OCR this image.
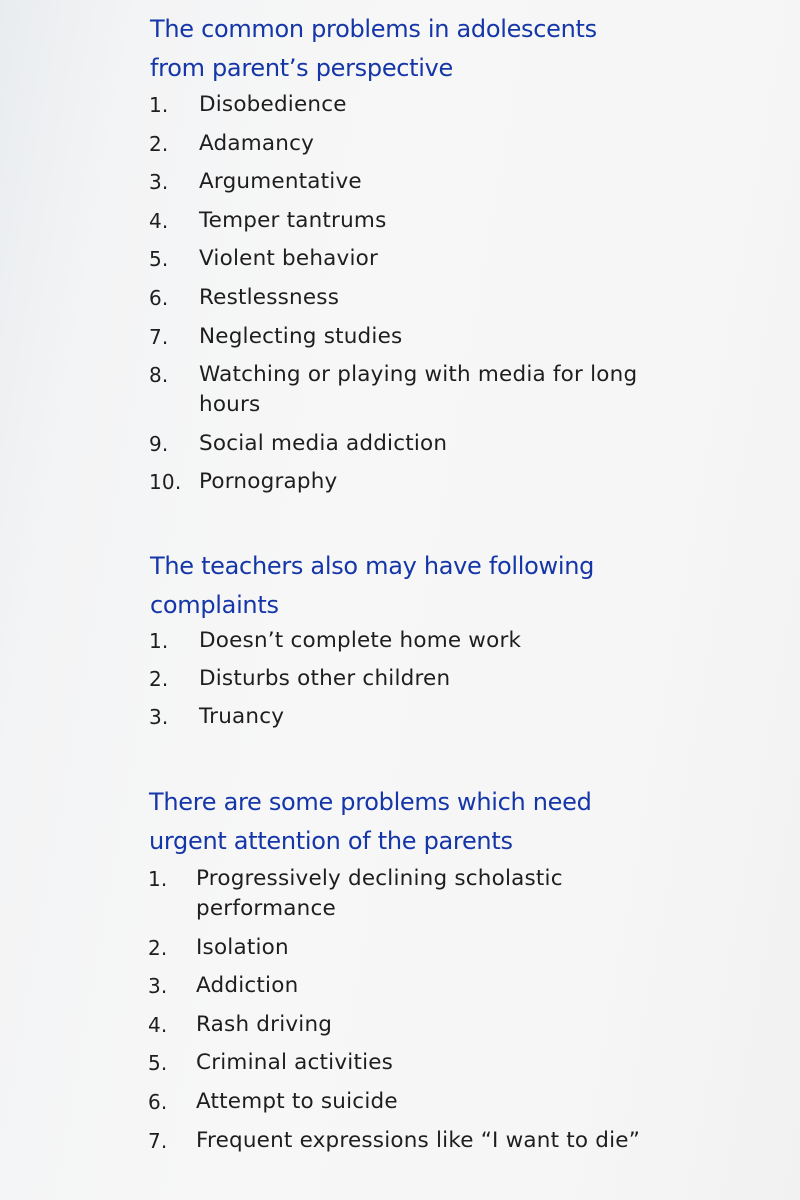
The common problems in adolescents
from parent’s perspective
1.	Disobedience
2.	Adamancy
3.	Argumentative
4.	Temper tantrums
5.	Violent behavior
6.	Restlessness
7.	Neglecting studies
8.	Watching or playing with media for long
hours
9.	Social media addiction
10. Pornography
The teachers also may have following
complaints
1.	Doesn’t complete home work
2.	Disturbs other children
3.	Truancy
There are some problems which need
urgent attention of the parents
1.	Progressively declining scholastic
performance
2.	Isolation
3.	Addiction
4.	Rash driving
5.	Criminal activities
6.	Attempt to suicide
7.	Frequent expressions like “I want to die”
